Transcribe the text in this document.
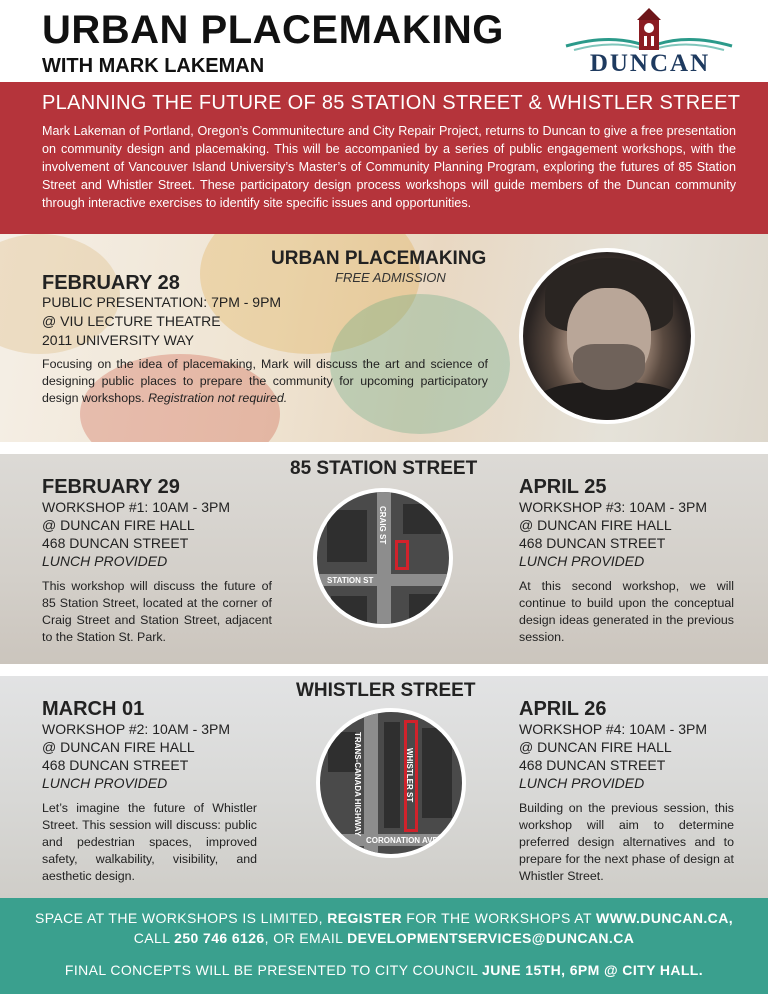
URBAN PLACEMAKING
WITH MARK LAKEMAN	DUNCAN
PLANNING THE FUTURE OF 85 STATION STREET & WHISTLER STREET

Mark Lakeman of Portland, Oregon’s Communitecture and City Repair Project, returns to Duncan to give a free presentation on community design and placemaking. This will be accompanied by a series of public engagement workshops, with the involvement of Vancouver Island University’s Master’s of Community Planning Program, exploring the futures of 85 Station Street and Whistler Street. These participatory design process workshops will guide members of the Duncan community through interactive exercises to identify site specific issues and opportunities.

URBAN PLACEMAKING
FREE ADMISSION
FEBRUARY 28
PUBLIC PRESENTATION: 7PM - 9PM
@ VIU LECTURE THEATRE
2011 UNIVERSITY WAY
Focusing on the idea of placemaking, Mark will discuss the art and science of designing public places to prepare the community for upcoming participatory design workshops. Registration not required.
85 STATION STREET
FEBRUARY 29
WORKSHOP #1: 10AM - 3PM
@ DUNCAN FIRE HALL
468 DUNCAN STREET
LUNCH PROVIDED
This workshop will discuss the future of 85 Station Street, located at the corner of Craig Street and Station Street, adjacent to the Station St. Park.
CRAIG ST
STATION ST
APRIL 25
WORKSHOP #3: 10AM - 3PM
@ DUNCAN FIRE HALL
468 DUNCAN STREET
LUNCH PROVIDED
At this second workshop, we will continue to build upon the conceptual design ideas generated in the previous session.
WHISTLER STREET
MARCH 01
WORKSHOP #2: 10AM - 3PM
@ DUNCAN FIRE HALL
468 DUNCAN STREET
LUNCH PROVIDED
Let’s imagine the future of Whistler Street. This session will discuss: public and pedestrian spaces, improved safety, walkability, visibility, and aesthetic design.
TRANS-CANADA HIGHWAY	WHISTLER ST
CORONATION AVE
APRIL 26
WORKSHOP #4: 10AM - 3PM
@ DUNCAN FIRE HALL
468 DUNCAN STREET
LUNCH PROVIDED
Building on the previous session, this workshop will aim to determine preferred design alternatives and to prepare for the next phase of design at Whistler Street.
SPACE AT THE WORKSHOPS IS LIMITED, REGISTER FOR THE WORKSHOPS AT WWW.DUNCAN.CA,
CALL 250 746 6126, OR EMAIL DEVELOPMENTSERVICES@DUNCAN.CA
FINAL CONCEPTS WILL BE PRESENTED TO CITY COUNCIL JUNE 15TH, 6PM @ CITY HALL.
